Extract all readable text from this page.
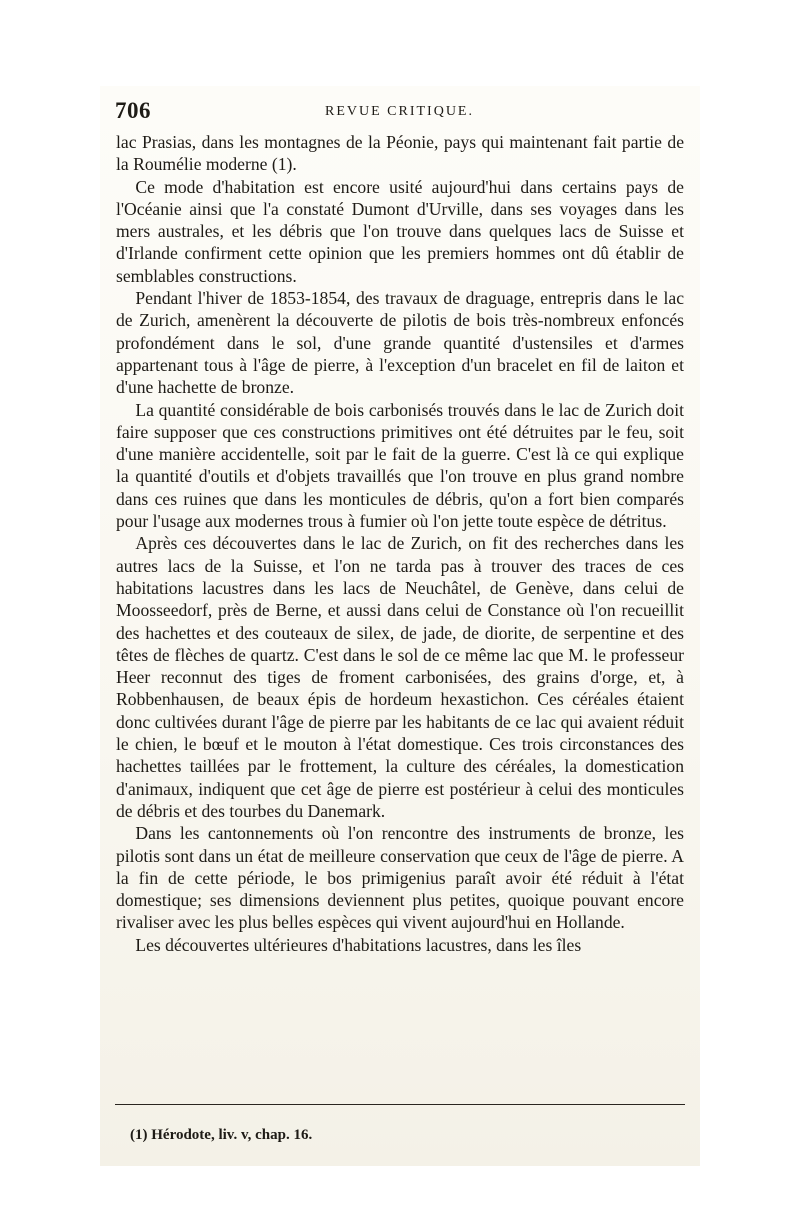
706	REVUE CRITIQUE.

lac Prasias, dans les montagnes de la Péonie, pays qui maintenant fait partie de la Roumélie moderne (1).

Ce mode d'habitation est encore usité aujourd'hui dans certains pays de l'Océanie ainsi que l'a constaté Dumont d'Urville, dans ses voyages dans les mers australes, et les débris que l'on trouve dans quelques lacs de Suisse et d'Irlande confirment cette opinion que les premiers hommes ont dû établir de semblables constructions.

Pendant l'hiver de 1853-1854, des travaux de draguage, entrepris dans le lac de Zurich, amenèrent la découverte de pilotis de bois très-nombreux enfoncés profondément dans le sol, d'une grande quantité d'ustensiles et d'armes appartenant tous à l'âge de pierre, à l'exception d'un bracelet en fil de laiton et d'une hachette de bronze.

La quantité considérable de bois carbonisés trouvés dans le lac de Zurich doit faire supposer que ces constructions primitives ont été détruites par le feu, soit d'une manière accidentelle, soit par le fait de la guerre. C'est là ce qui explique la quantité d'outils et d'objets travaillés que l'on trouve en plus grand nombre dans ces ruines que dans les monticules de débris, qu'on a fort bien comparés pour l'usage aux modernes trous à fumier où l'on jette toute espèce de détritus.

Après ces découvertes dans le lac de Zurich, on fit des recherches dans les autres lacs de la Suisse, et l'on ne tarda pas à trouver des traces de ces habitations lacustres dans les lacs de Neuchâtel, de Genève, dans celui de Moosseedorf, près de Berne, et aussi dans celui de Constance où l'on recueillit des hachettes et des couteaux de silex, de jade, de diorite, de serpentine et des têtes de flèches de quartz. C'est dans le sol de ce même lac que M. le professeur Heer reconnut des tiges de froment carbonisées, des grains d'orge, et, à Robbenhausen, de beaux épis de hordeum hexastichon. Ces céréales étaient donc cultivées durant l'âge de pierre par les habitants de ce lac qui avaient réduit le chien, le bœuf et le mouton à l'état domestique. Ces trois circonstances des hachettes taillées par le frottement, la culture des céréales, la domestication d'animaux, indiquent que cet âge de pierre est postérieur à celui des monticules de débris et des tourbes du Danemark.

Dans les cantonnements où l'on rencontre des instruments de bronze, les pilotis sont dans un état de meilleure conservation que ceux de l'âge de pierre. A la fin de cette période, le bos primigenius paraît avoir été réduit à l'état domestique; ses dimensions deviennent plus petites, quoique pouvant encore rivaliser avec les plus belles espèces qui vivent aujourd'hui en Hollande.

Les découvertes ultérieures d'habitations lacustres, dans les îles

(1) Hérodote, liv. v, chap. 16.
